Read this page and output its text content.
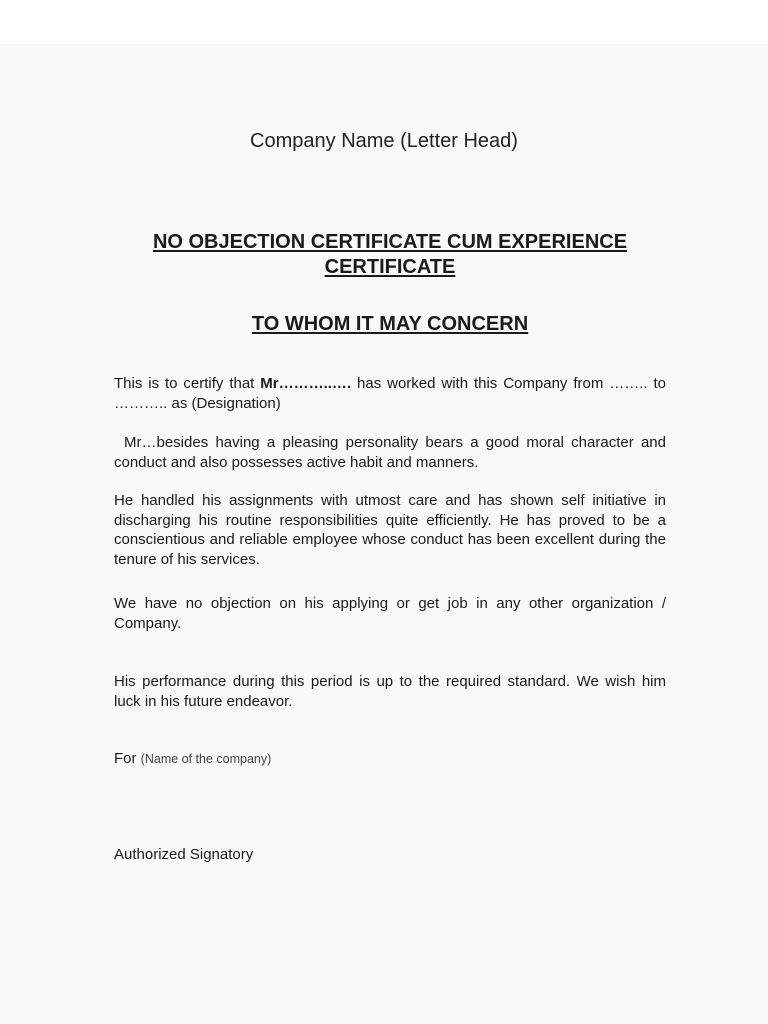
Company Name (Letter Head)
NO OBJECTION CERTIFICATE CUM EXPERIENCE CERTIFICATE
TO WHOM IT MAY CONCERN
This is to certify that Mr………..…. has worked with this Company from …….. to ……….. as (Designation)
Mr…besides having a pleasing personality bears a good moral character and conduct and also possesses active habit and manners.
He handled his assignments with utmost care and has shown self initiative in discharging his routine responsibilities quite efficiently. He has proved to be a conscientious and reliable employee whose conduct has been excellent during the tenure of his services.
We have no objection on his applying or get job in any other organization / Company.
His performance during this period is up to the required standard. We wish him luck in his future endeavor.
For (Name of the company)
Authorized Signatory
